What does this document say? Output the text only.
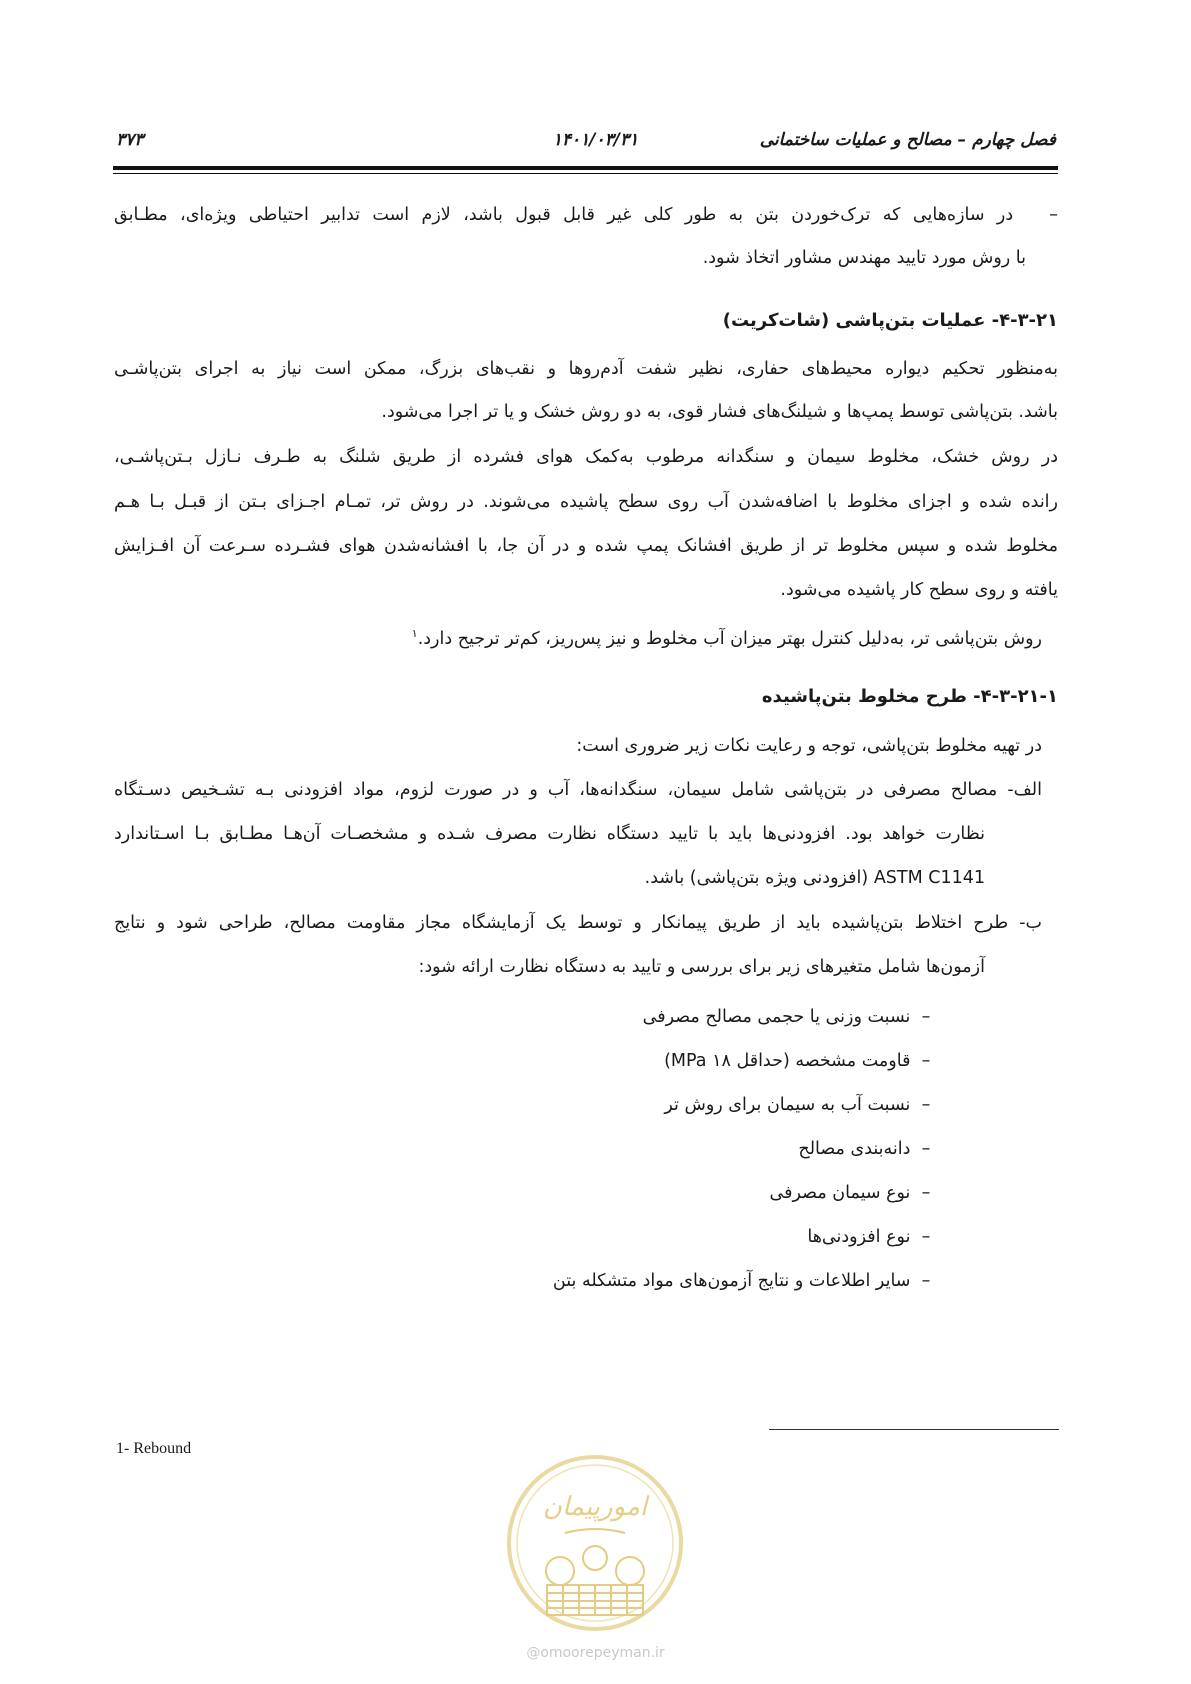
۳۷۳	۱۴۰۱/۰۳/۳۱	فصل چهارم – مصالح و عملیات ساختمانی
–  در سازه‌هایی که ترک‌خوردن بتن به طور کلی غیر قابل قبول باشد، لازم است تدابیر احتیاطی ویژه‌ای، مطـابق
با روش مورد تایید مهندس مشاور اتخاذ شود.
۴-۳-۲۱- عملیات بتن‌پاشی (شات‌کریت)
به‌منظور تحکیم دیواره محیط‌های حفاری، نظیر شفت آدم‌روها و نقب‌های بزرگ، ممکن است نیاز به اجرای بتن‌پاشـی
باشد. بتن‌پاشی توسط پمپ‌ها و شیلنگ‌های فشار قوی، به دو روش خشک و یا تر اجرا می‌شود.
در روش خشک، مخلوط سیمان و سنگدانه مرطوب به‌کمک هوای فشرده از طریق شلنگ به طـرف نـازل بـتن‌پاشـی،
رانده شده و اجزای مخلوط با اضافه‌شدن آب روی سطح پاشیده می‌شوند. در روش تر، تمـام اجـزای بـتن از قبـل بـا هـم
مخلوط شده و سپس مخلوط تر از طریق افشانک پمپ شده و در آن جا، با افشانه‌شدن هوای فشـرده سـرعت آن افـزایش
یافته و روی سطح کار پاشیده می‌شود.
روش بتن‌پاشی تر، به‌دلیل کنترل بهتر میزان آب مخلوط و نیز پس‌ریز، کم‌تر ترجیح دارد.$^۱$
۴-۳-۲۱-۱- طرح مخلوط بتن‌پاشیده
در تهیه مخلوط بتن‌پاشی، توجه و رعایت نکات زیر ضروری است:
الف- مصالح مصرفی در بتن‌پاشی شامل سیمان، سنگدانه‌ها، آب و در صورت لزوم، مواد افزودنی بـه تشـخیص دسـتگاه
نظارت خواهد بود. افزودنی‌ها باید با تایید دستگاه نظارت مصرف شـده و مشخصـات آن‌هـا مطـابق بـا اسـتاندارد
ASTM C1141 (افزودنی ویژه بتن‌پاشی) باشد.
ب- طرح اختلاط بتن‌پاشیده باید از طریق پیمانکار و توسط یک آزمایشگاه مجاز مقاومت مصالح، طراحی شود و نتایج
آزمون‌ها شامل متغیرهای زیر برای بررسی و تایید به دستگاه نظارت ارائه شود:
– نسبت وزنی یا حجمی مصالح مصرفی
– قاومت مشخصه (حداقل ۱۸ MPa)
– نسبت آب به سیمان برای روش تر
– دانه‌بندی مصالح
– نوع سیمان مصرفی
– نوع افزودنی‌ها
– سایر اطلاعات و نتایج آزمون‌های مواد متشکله بتن
1- Rebound
امورپیمان
@omoorepeyman.ir
